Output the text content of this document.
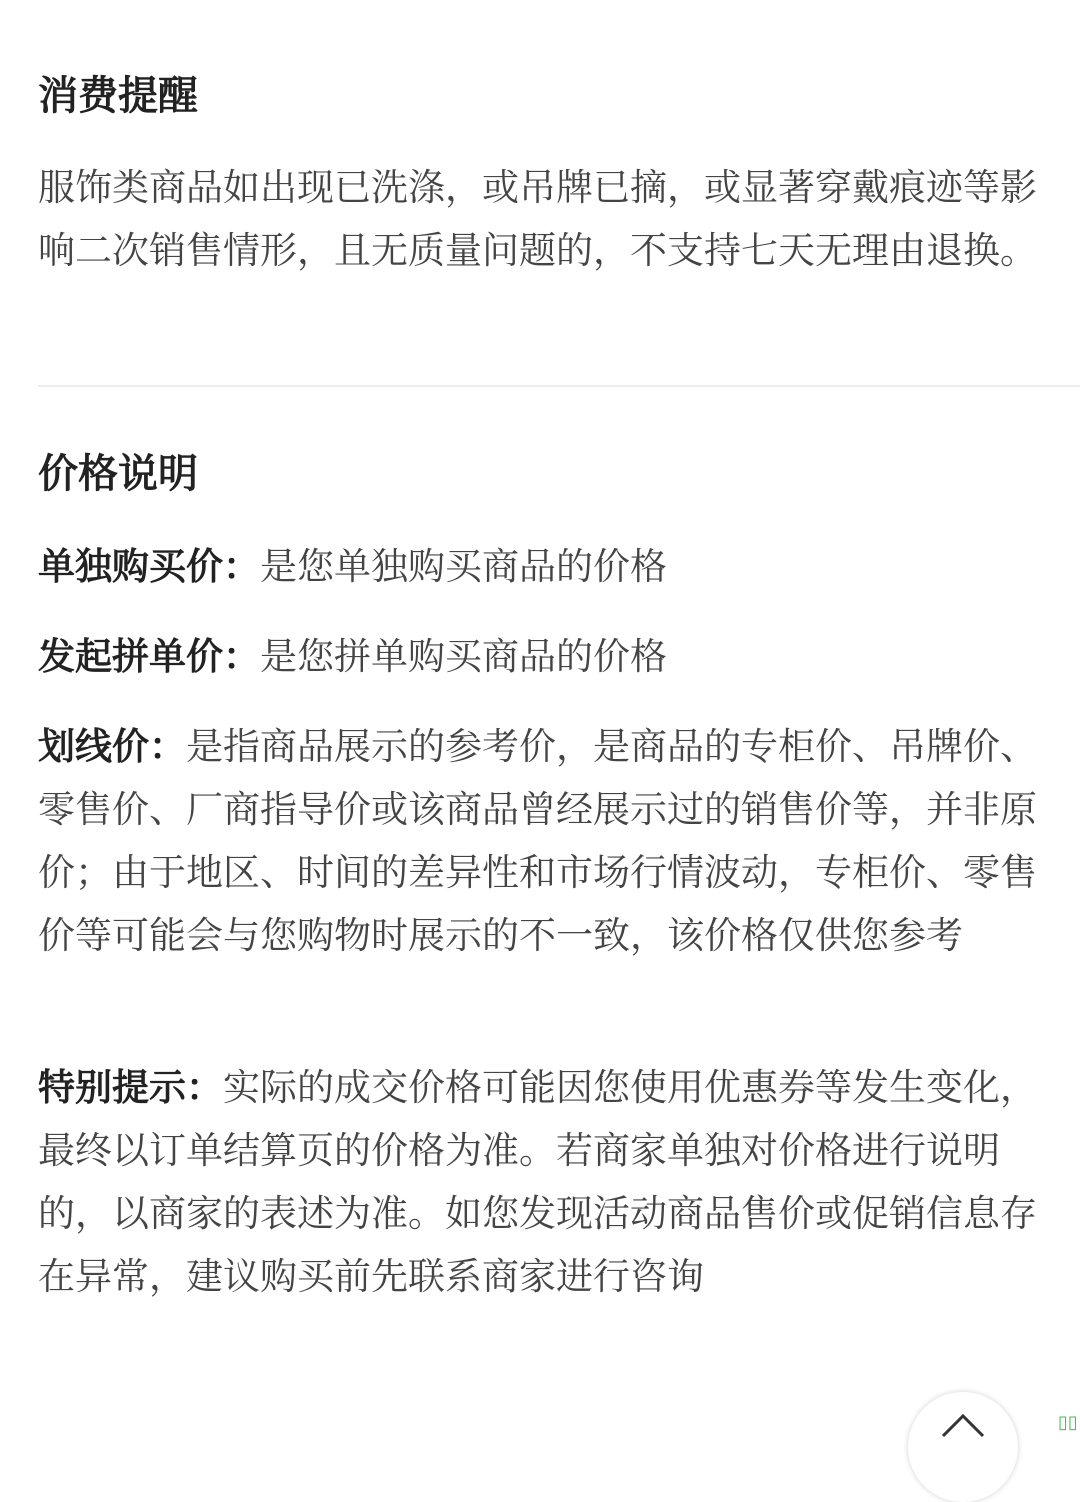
消费提醒

服饰类商品如出现已洗涤，或吊牌已摘，或显著穿戴痕迹等影响二次销售情形，且无质量问题的，不支持七天无理由退换。

价格说明

单独购买价：是您单独购买商品的价格

发起拼单价：是您拼单购买商品的价格

划线价：是指商品展示的参考价，是商品的专柜价、吊牌价、零售价、厂商指导价或该商品曾经展示过的销售价等，并非原价；由于地区、时间的差异性和市场行情波动，专柜价、零售价等可能会与您购物时展示的不一致，该价格仅供您参考

特别提示：实际的成交价格可能因您使用优惠券等发生变化，最终以订单结算页的价格为准。若商家单独对价格进行说明的，以商家的表述为准。如您发现活动商品售价或促销信息存在异常，建议购买前先联系商家进行咨询

▯▯
